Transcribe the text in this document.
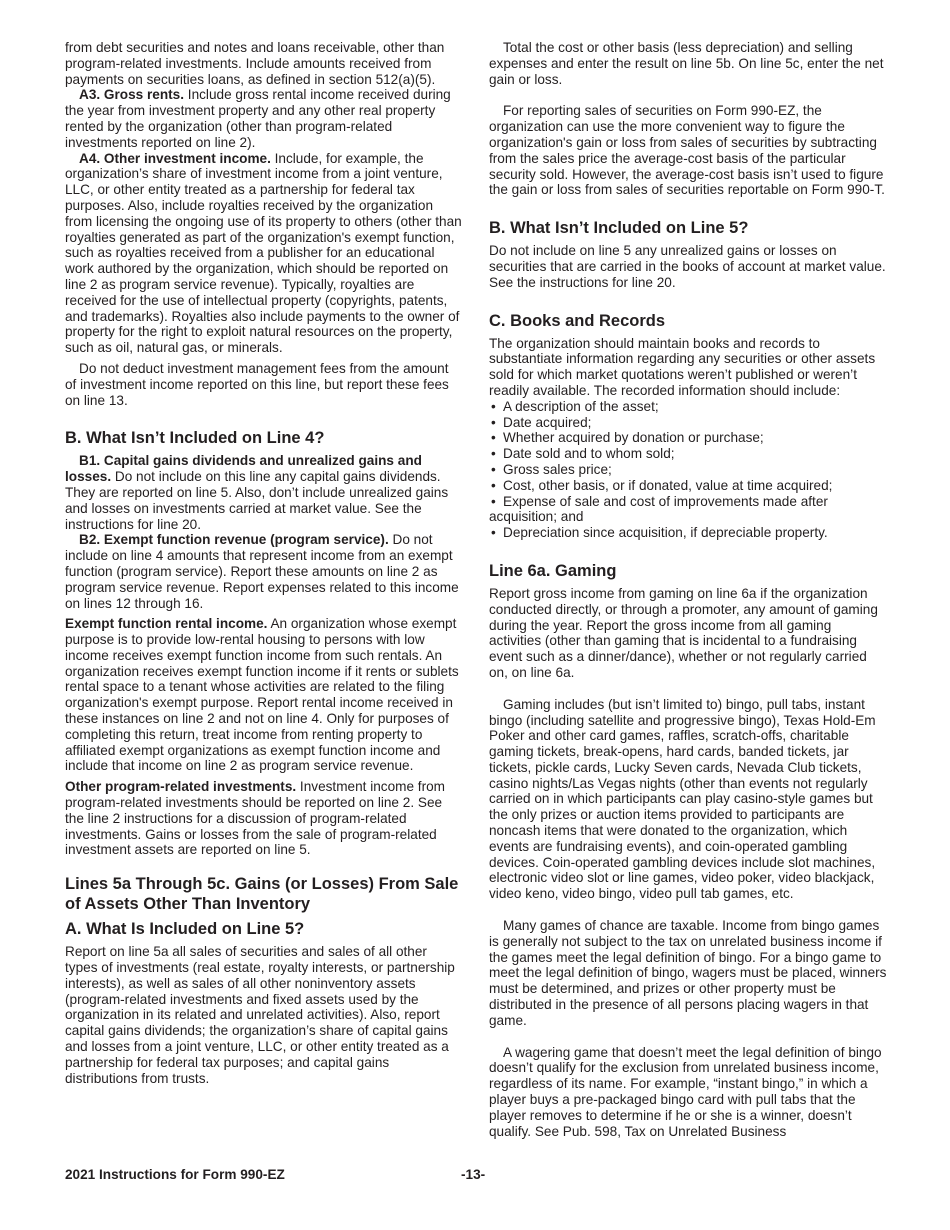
from debt securities and notes and loans receivable, other than program-related investments. Include amounts received from payments on securities loans, as defined in section 512(a)(5).

A3. Gross rents. Include gross rental income received during the year from investment property and any other real property rented by the organization (other than program-related investments reported on line 2).

A4. Other investment income. Include, for example, the organization’s share of investment income from a joint venture, LLC, or other entity treated as a partnership for federal tax purposes. Also, include royalties received by the organization from licensing the ongoing use of its property to others (other than royalties generated as part of the organization's exempt function, such as royalties received from a publisher for an educational work authored by the organization, which should be reported on line 2 as program service revenue). Typically, royalties are received for the use of intellectual property (copyrights, patents, and trademarks). Royalties also include payments to the owner of property for the right to exploit natural resources on the property, such as oil, natural gas, or minerals.

Do not deduct investment management fees from the amount of investment income reported on this line, but report these fees on line 13.

B. What Isn’t Included on Line 4?

B1. Capital gains dividends and unrealized gains and losses. Do not include on this line any capital gains dividends. They are reported on line 5. Also, don’t include unrealized gains and losses on investments carried at market value. See the instructions for line 20.

B2. Exempt function revenue (program service). Do not include on line 4 amounts that represent income from an exempt function (program service). Report these amounts on line 2 as program service revenue. Report expenses related to this income on lines 12 through 16.

Exempt function rental income. An organization whose exempt purpose is to provide low-rental housing to persons with low income receives exempt function income from such rentals. An organization receives exempt function income if it rents or sublets rental space to a tenant whose activities are related to the filing organization's exempt purpose. Report rental income received in these instances on line 2 and not on line 4. Only for purposes of completing this return, treat income from renting property to affiliated exempt organizations as exempt function income and include that income on line 2 as program service revenue.

Other program-related investments. Investment income from program-related investments should be reported on line 2. See the line 2 instructions for a discussion of program-related investments. Gains or losses from the sale of program-related investment assets are reported on line 5.

Lines 5a Through 5c. Gains (or Losses) From Sale of Assets Other Than Inventory
A. What Is Included on Line 5?

Report on line 5a all sales of securities and sales of all other types of investments (real estate, royalty interests, or partnership interests), as well as sales of all other noninventory assets (program-related investments and fixed assets used by the organization in its related and unrelated activities). Also, report capital gains dividends; the organization’s share of capital gains and losses from a joint venture, LLC, or other entity treated as a partnership for federal tax purposes; and capital gains distributions from trusts.

Total the cost or other basis (less depreciation) and selling expenses and enter the result on line 5b. On line 5c, enter the net gain or loss.

For reporting sales of securities on Form 990-EZ, the organization can use the more convenient way to figure the organization's gain or loss from sales of securities by subtracting from the sales price the average-cost basis of the particular security sold. However, the average-cost basis isn’t used to figure the gain or loss from sales of securities reportable on Form 990-T.

B. What Isn’t Included on Line 5?

Do not include on line 5 any unrealized gains or losses on securities that are carried in the books of account at market value. See the instructions for line 20.

C. Books and Records

The organization should maintain books and records to substantiate information regarding any securities or other assets sold for which market quotations weren’t published or weren’t readily available. The recorded information should include:

• A description of the asset;
• Date acquired;
• Whether acquired by donation or purchase;
• Date sold and to whom sold;
• Gross sales price;
• Cost, other basis, or if donated, value at time acquired;
• Expense of sale and cost of improvements made after acquisition; and
• Depreciation since acquisition, if depreciable property.
Line 6a. Gaming

Report gross income from gaming on line 6a if the organization conducted directly, or through a promoter, any amount of gaming during the year. Report the gross income from all gaming activities (other than gaming that is incidental to a fundraising event such as a dinner/dance), whether or not regularly carried on, on line 6a.

Gaming includes (but isn’t limited to) bingo, pull tabs, instant bingo (including satellite and progressive bingo), Texas Hold-Em Poker and other card games, raffles, scratch-offs, charitable gaming tickets, break-opens, hard cards, banded tickets, jar tickets, pickle cards, Lucky Seven cards, Nevada Club tickets, casino nights/Las Vegas nights (other than events not regularly carried on in which participants can play casino-style games but the only prizes or auction items provided to participants are noncash items that were donated to the organization, which events are fundraising events), and coin-operated gambling devices. Coin-operated gambling devices include slot machines, electronic video slot or line games, video poker, video blackjack, video keno, video bingo, video pull tab games, etc.

Many games of chance are taxable. Income from bingo games is generally not subject to the tax on unrelated business income if the games meet the legal definition of bingo. For a bingo game to meet the legal definition of bingo, wagers must be placed, winners must be determined, and prizes or other property must be distributed in the presence of all persons placing wagers in that game.

A wagering game that doesn’t meet the legal definition of bingo doesn’t qualify for the exclusion from unrelated business income, regardless of its name. For example, “instant bingo,” in which a player buys a pre-packaged bingo card with pull tabs that the player removes to determine if he or she is a winner, doesn’t qualify. See Pub. 598, Tax on Unrelated Business

2021 Instructions for Form 990-EZ	-13-
